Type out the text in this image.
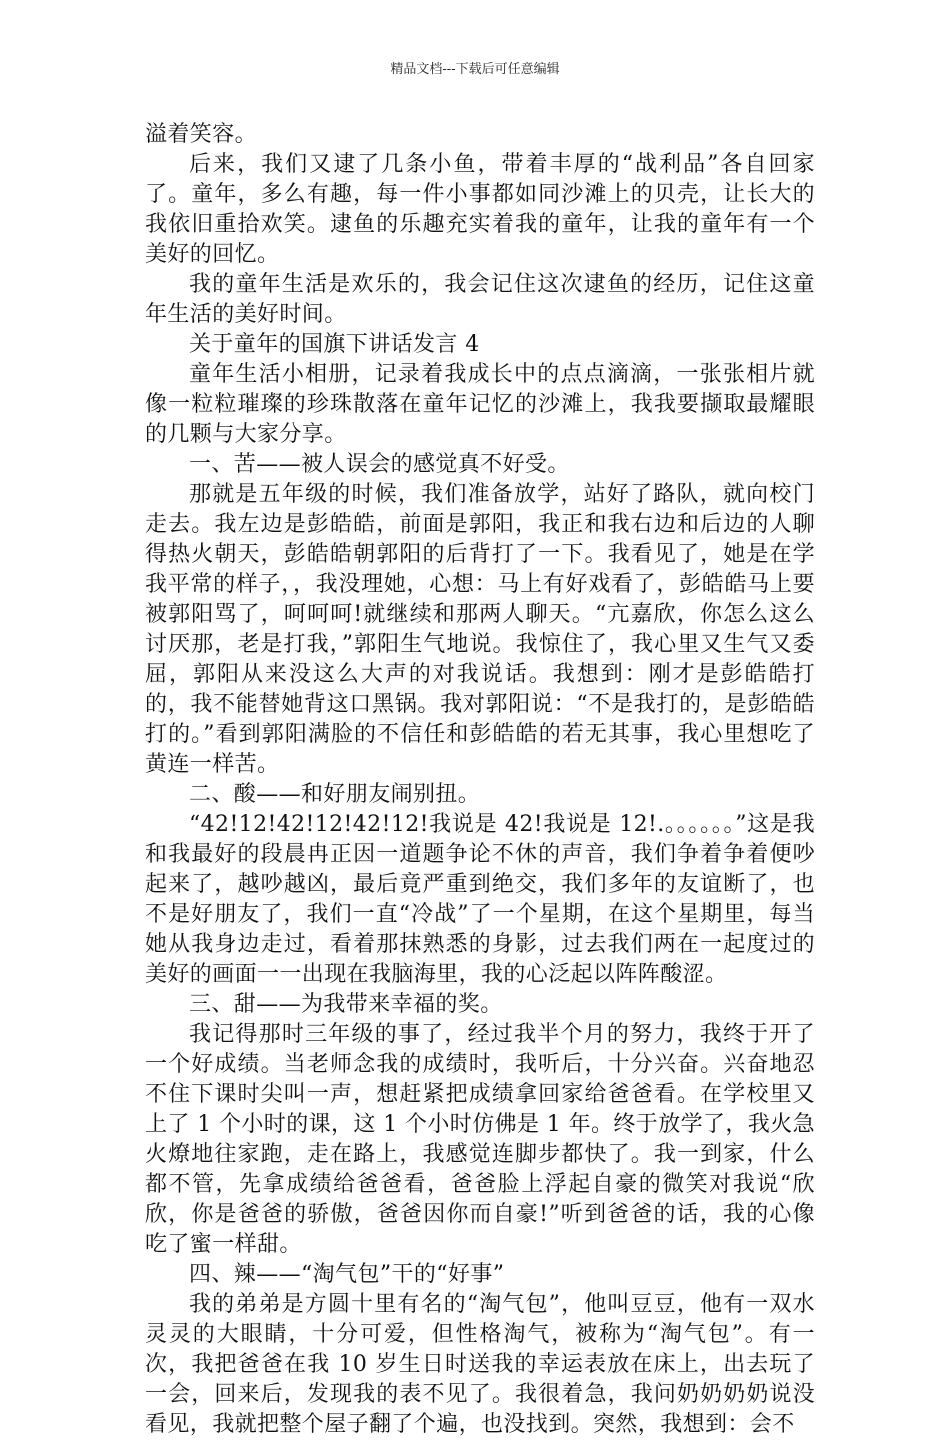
精品文档---下载后可任意编辑

溢着笑容。

后来，我们又逮了几条小鱼，带着丰厚的“战利品”各自回家了。童年，多么有趣，每一件小事都如同沙滩上的贝壳，让长大的我依旧重拾欢笑。逮鱼的乐趣充实着我的童年，让我的童年有一个美好的回忆。

我的童年生活是欢乐的，我会记住这次逮鱼的经历，记住这童年生活的美好时间。

关于童年的国旗下讲话发言 4

童年生活小相册，记录着我成长中的点点滴滴，一张张相片就像一粒粒璀璨的珍珠散落在童年记忆的沙滩上，我我要撷取最耀眼的几颗与大家分享。

一、苦——被人误会的感觉真不好受。

那就是五年级的时候，我们准备放学，站好了路队，就向校门走去。我左边是彭皓皓，前面是郭阳，我正和我右边和后边的人聊得热火朝天，彭皓皓朝郭阳的后背打了一下。我看见了，她是在学我平常的样子，，我没理她，心想：马上有好戏看了，彭皓皓马上要被郭阳骂了，呵呵呵!就继续和那两人聊天。“亢嘉欣，你怎么这么讨厌那，老是打我，”郭阳生气地说。我惊住了，我心里又生气又委屈，郭阳从来没这么大声的对我说话。我想到：刚才是彭皓皓打的，我不能替她背这口黑锅。我对郭阳说：“不是我打的，是彭皓皓打的。”看到郭阳满脸的不信任和彭皓皓的若无其事，我心里想吃了黄连一样苦。

二、酸——和好朋友闹别扭。

“42!12!42!12!42!12!我说是 42!我说是 12!.。。。。。。”这是我和我最好的段晨冉正因一道题争论不休的声音，我们争着争着便吵起来了，越吵越凶，最后竟严重到绝交，我们多年的友谊断了，也不是好朋友了，我们一直“冷战”了一个星期，在这个星期里，每当她从我身边走过，看着那抹熟悉的身影，过去我们两在一起度过的美好的画面一一出现在我脑海里，我的心泛起以阵阵酸涩。

三、甜——为我带来幸福的奖。

我记得那时三年级的事了，经过我半个月的努力，我终于开了一个好成绩。当老师念我的成绩时，我听后，十分兴奋。兴奋地忍不住下课时尖叫一声，想赶紧把成绩拿回家给爸爸看。在学校里又上了 1 个小时的课，这 1 个小时仿佛是 1 年。终于放学了，我火急火燎地往家跑，走在路上，我感觉连脚步都快了。我一到家，什么都不管，先拿成绩给爸爸看，爸爸脸上浮起自豪的微笑对我说“欣欣，你是爸爸的骄傲，爸爸因你而自豪!”听到爸爸的话，我的心像吃了蜜一样甜。

四、辣——“淘气包”干的“好事”

我的弟弟是方圆十里有名的“淘气包”，他叫豆豆，他有一双水灵灵的大眼睛，十分可爱，但性格淘气，被称为“淘气包”。有一次，我把爸爸在我 10 岁生日时送我的幸运表放在床上，出去玩了一会，回来后，发现我的表不见了。我很着急，我问奶奶奶奶说没看见，我就把整个屋子翻了个遍，也没找到。突然，我想到：会不
